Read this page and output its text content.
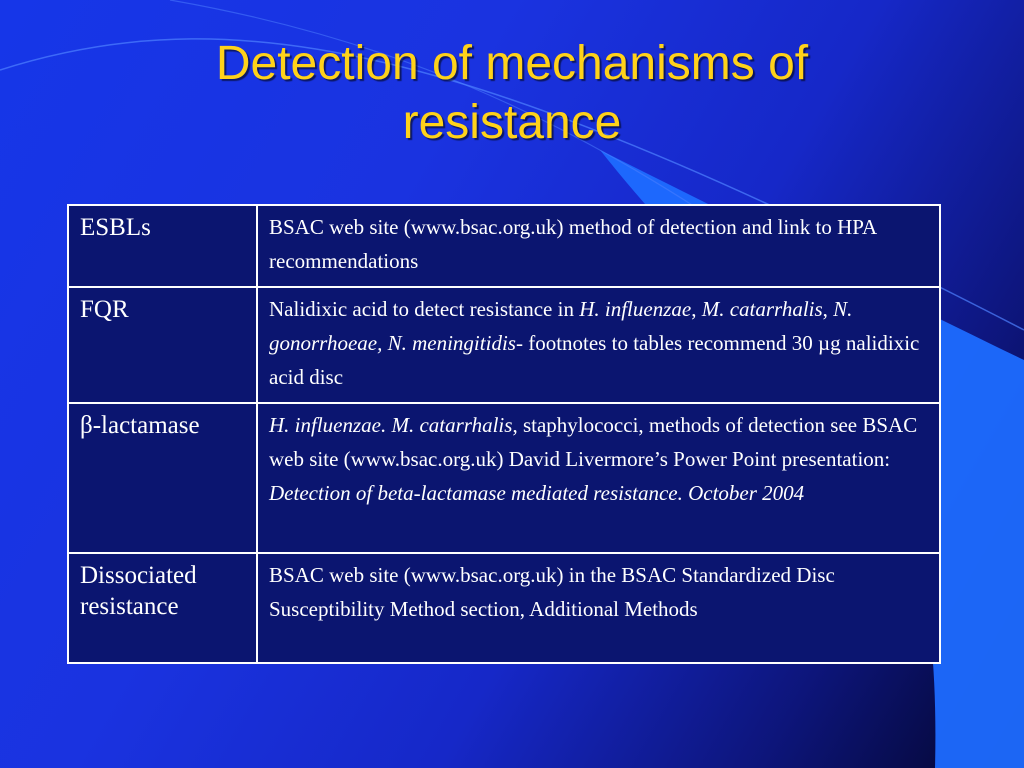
Detection of mechanisms of
resistance
ESBLs	BSAC web site (www.bsac.org.uk) method of detection and link to HPA recommendations
FQR	Nalidixic acid to detect resistance in H. influenzae, M. catarrhalis, N. gonorrhoeae, N. meningitidis- footnotes to tables recommend 30 µg nalidixic acid disc
β-lactamase	H. influenzae. M. catarrhalis, staphylococci, methods of detection see BSAC web site (www.bsac.org.uk) David Livermore’s Power Point presentation: Detection of beta-lactamase mediated resistance. October 2004
Dissociated
resistance	BSAC web site (www.bsac.org.uk) in the BSAC Standardized Disc Susceptibility Method section, Additional Methods
